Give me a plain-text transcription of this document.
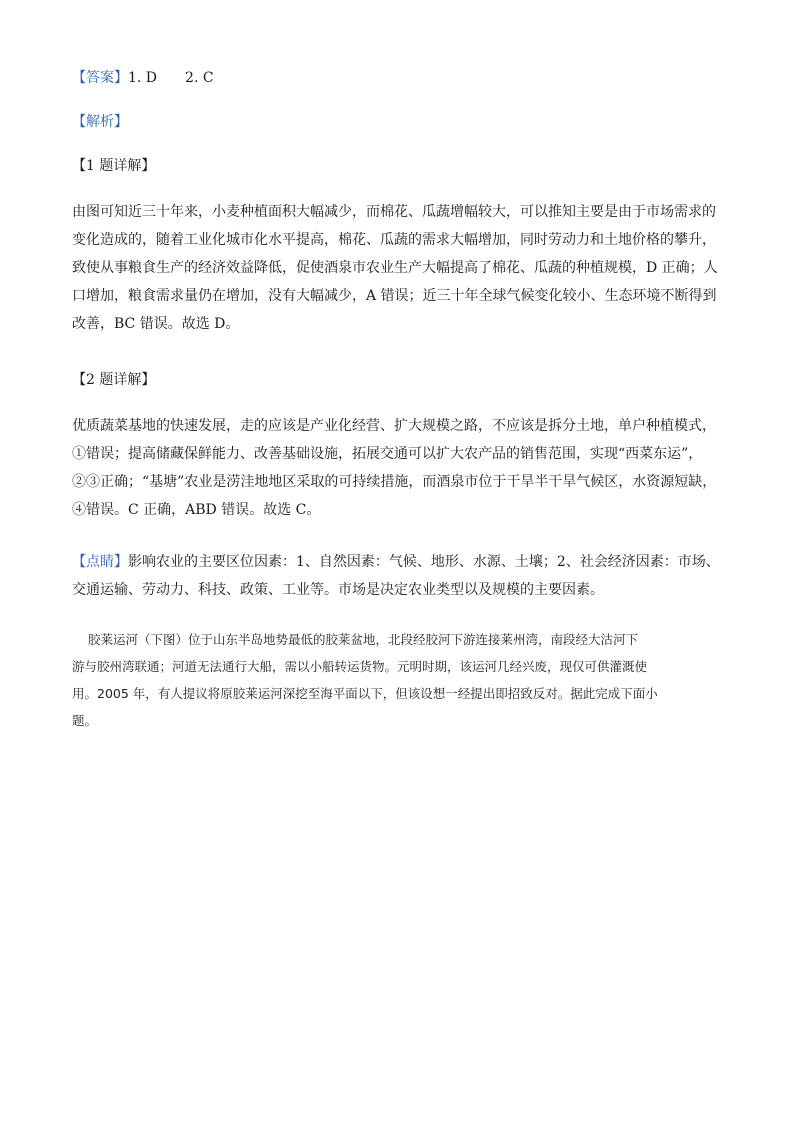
【答案】1. D 2. C
【解析】
【1 题详解】
由图可知近三十年来，小麦种植面积大幅减少，而棉花、瓜蔬增幅较大，可以推知主要是由于市场需求的
变化造成的，随着工业化城市化水平提高，棉花、瓜蔬的需求大幅增加，同时劳动力和土地价格的攀升，
致使从事粮食生产的经济效益降低，促使酒泉市农业生产大幅提高了棉花、瓜蔬的种植规模，D 正确；人
口增加，粮食需求量仍在增加，没有大幅减少，A 错误；近三十年全球气候变化较小、生态环境不断得到
改善，BC 错误。故选 D。
【2 题详解】
优质蔬菜基地的快速发展，走的应该是产业化经营、扩大规模之路，不应该是拆分土地，单户种植模式，
①错误；提高储藏保鲜能力、改善基础设施，拓展交通可以扩大农产品的销售范围，实现“西菜东运”，
②③正确；“基塘”农业是涝洼地地区采取的可持续措施，而酒泉市位于干旱半干旱气候区，水资源短缺，
④错误。C 正确，ABD 错误。故选 C。
【点睛】影响农业的主要区位因素：1、自然因素：气候、地形、水源、土壤；2、社会经济因素：市场、
交通运输、劳动力、科技、政策、工业等。市场是决定农业类型以及规模的主要因素。
胶莱运河（下图）位于山东半岛地势最低的胶莱盆地，北段经胶河下游连接莱州湾，南段经大沽河下
游与胶州湾联通；河道无法通行大船，需以小船转运货物。元明时期，该运河几经兴废，现仅可供灌溉使
用。2005 年，有人提议将原胶莱运河深挖至海平面以下，但该设想一经提出即招致反对。据此完成下面小
题。
